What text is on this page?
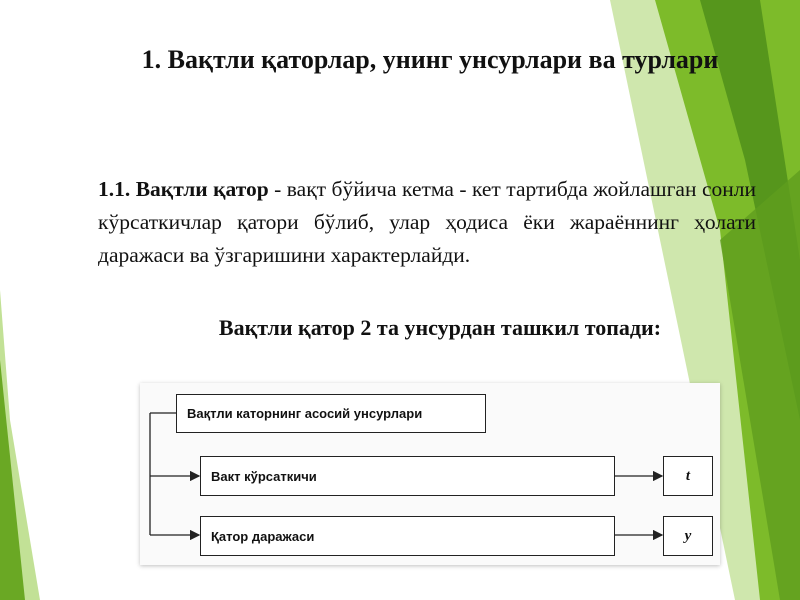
1. Вақтли қаторлар, унинг унсурлари ва турлари
1.1. Вақтли қатор - вақт бўйича кетма - кет тартибда жойлашган сонли кўрсаткичлар қатори бўлиб, улар ҳодиса ёки жараённинг ҳолати даражаси ва ўзгаришини характерлайди.
Вақтли қатор 2 та унсурдан ташкил топади:
Вақтли каторнинг асосий унсурлари
Вакт кўрсаткичи	t
Қатор даражаси	y
